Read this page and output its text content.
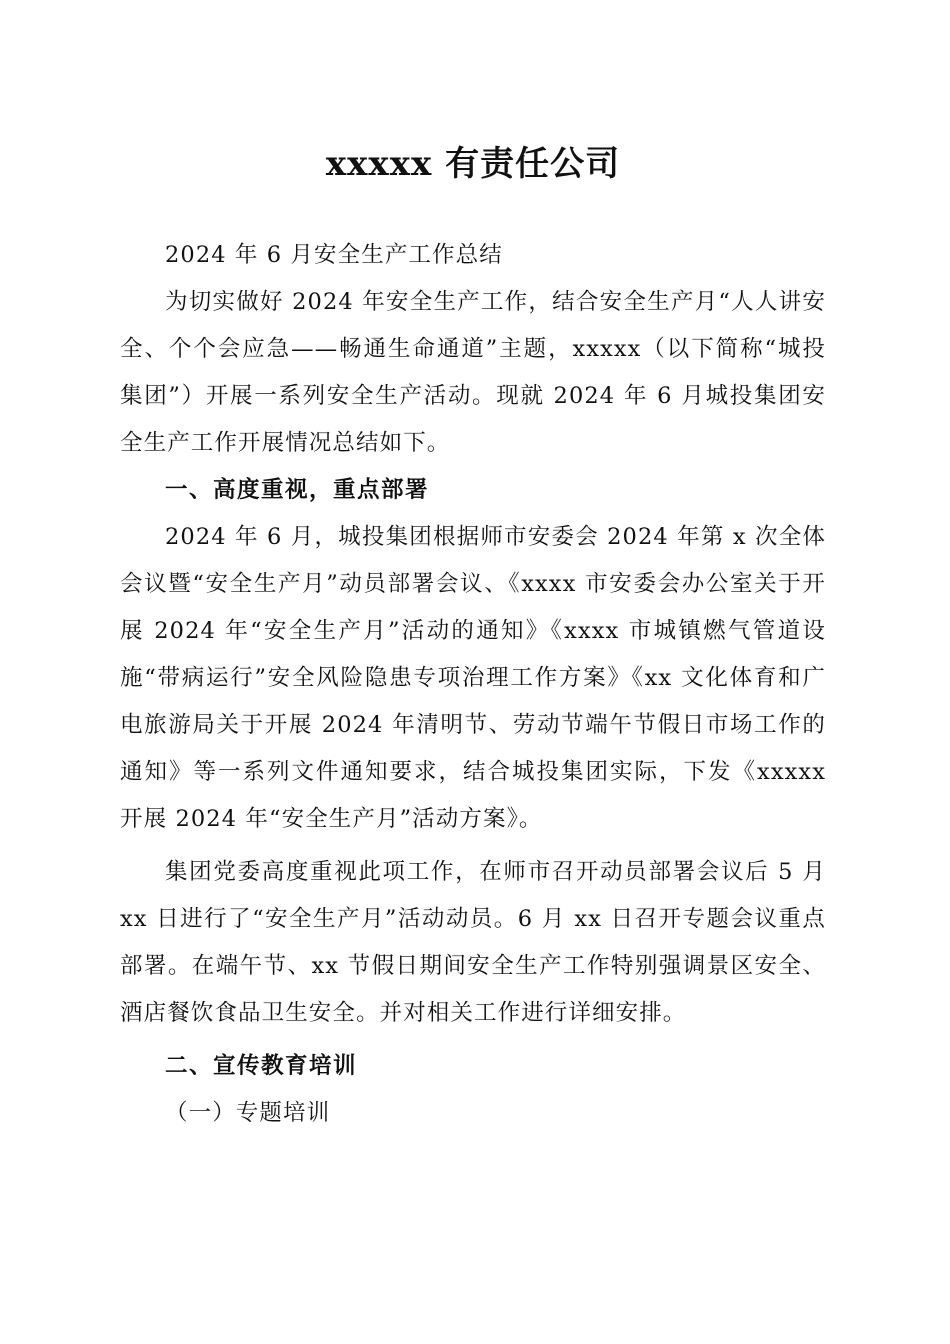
xxxxx 有责任公司

2024 年 6 月安全生产工作总结

为切实做好 2024 年安全生产工作，结合安全生产月“人人讲安全、个个会应急——畅通生命通道”主题，xxxxx（以下简称“城投集团”）开展一系列安全生产活动。现就 2024 年 6 月城投集团安全生产工作开展情况总结如下。

一、高度重视，重点部署

2024 年 6 月，城投集团根据师市安委会 2024 年第 x 次全体会议暨“安全生产月”动员部署会议、《xxxx 市安委会办公室关于开展 2024 年“安全生产月”活动的通知》《xxxx 市城镇燃气管道设施“带病运行”安全风险隐患专项治理工作方案》《xx 文化体育和广电旅游局关于开展 2024 年清明节、劳动节端午节假日市场工作的通知》等一系列文件通知要求，结合城投集团实际，下发《xxxxx 开展 2024 年“安全生产月”活动方案》。

集团党委高度重视此项工作，在师市召开动员部署会议后 5 月 xx 日进行了“安全生产月”活动动员。6 月 xx 日召开专题会议重点部署。在端午节、xx 节假日期间安全生产工作特别强调景区安全、酒店餐饮食品卫生安全。并对相关工作进行详细安排。

二、宣传教育培训

（一）专题培训
